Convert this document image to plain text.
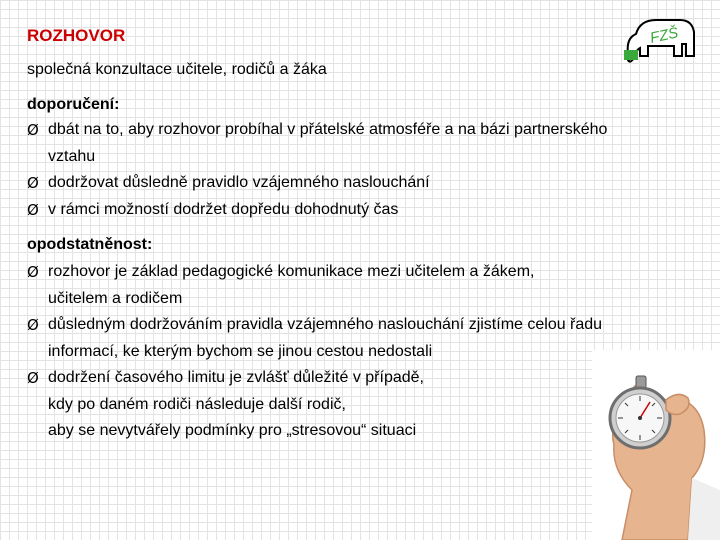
ROZHOVOR
společná konzultace učitele, rodičů a žáka
FZŠ
doporučení:
Ø dbát na to, aby rozhovor probíhal v přátelské atmosféře a na bázi partnerského
vztahu
Ø dodržovat důsledně pravidlo vzájemného naslouchání
Ø v rámci možností dodržet dopředu dohodnutý čas
opodstatněnost:
Ø rozhovor je základ pedagogické komunikace mezi učitelem a žákem,
učitelem a rodičem
Ø důsledným dodržováním pravidla vzájemného naslouchání zjistíme celou řadu
informací, ke kterým bychom se jinou cestou nedostali
Ø dodržení časového limitu je zvlášť důležité v případě,
kdy po daném rodiči následuje další rodič,
aby se nevytvářely podmínky pro „stresovou“ situaci
